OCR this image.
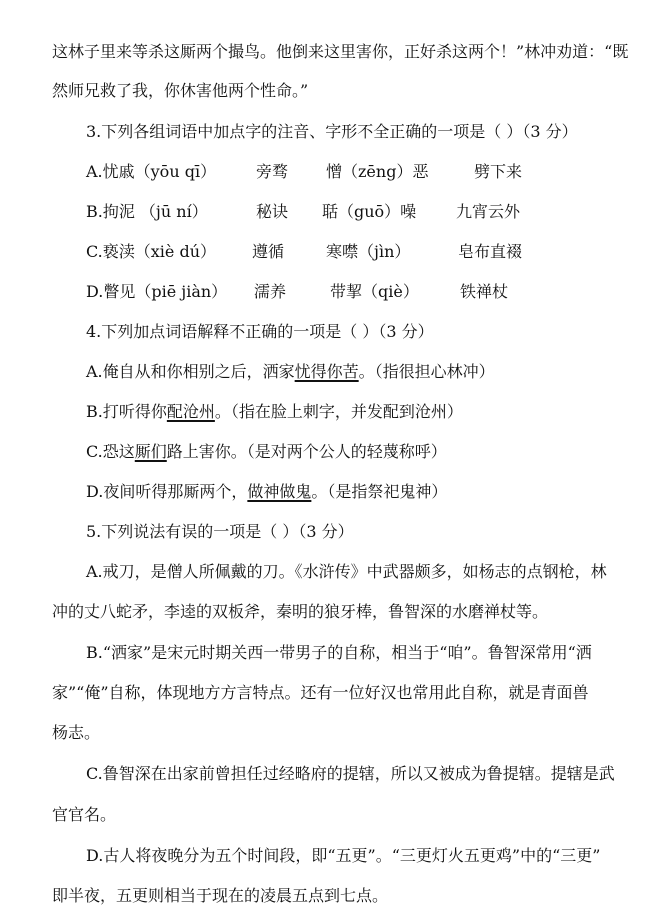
这林子里来等杀这厮两个撮鸟。他倒来这里害你，正好杀这两个！”林冲劝道：“既
然师兄救了我，你休害他两个性命。”
3.下列各组词语中加点字的注音、字形不全正确的一项是（ ）（3 分）
A.忧戚（yōu qī） 旁骛 憎（zēng）恶	劈下来
B.拘泥 （jū ní）	秘诀 聒（guō）噪 九宵云外
C.亵渎（xiè dú） 遵循	寒噤（jìn）	皂布直裰
D.瞥见（piē jiàn） 濡养	带挈（qiè）	铁禅杖
4.下列加点词语解释不正确的一项是（ ）（3 分）
A.俺自从和你相别之后，洒家忧得你苦。（指很担心林冲）
B.打听得你配沧州。（指在脸上刺字，并发配到沧州）
C.恐这厮们路上害你。（是对两个公人的轻蔑称呼）
D.夜间听得那厮两个，做神做鬼。（是指祭祀鬼神）
5.下列说法有误的一项是（ ）（3 分）
A.戒刀，是僧人所佩戴的刀。《水浒传》中武器颇多，如杨志的点钢枪，林
冲的丈八蛇矛，李逵的双板斧，秦明的狼牙棒，鲁智深的水磨禅杖等。
B.“洒家”是宋元时期关西一带男子的自称，相当于“咱”。鲁智深常用“洒
家”“俺”自称，体现地方方言特点。还有一位好汉也常用此自称，就是青面兽
杨志。
C.鲁智深在出家前曾担任过经略府的提辖，所以又被成为鲁提辖。提辖是武
官官名。
D.古人将夜晚分为五个时间段，即“五更”。“三更灯火五更鸡”中的“三更”
即半夜，五更则相当于现在的凌晨五点到七点。
